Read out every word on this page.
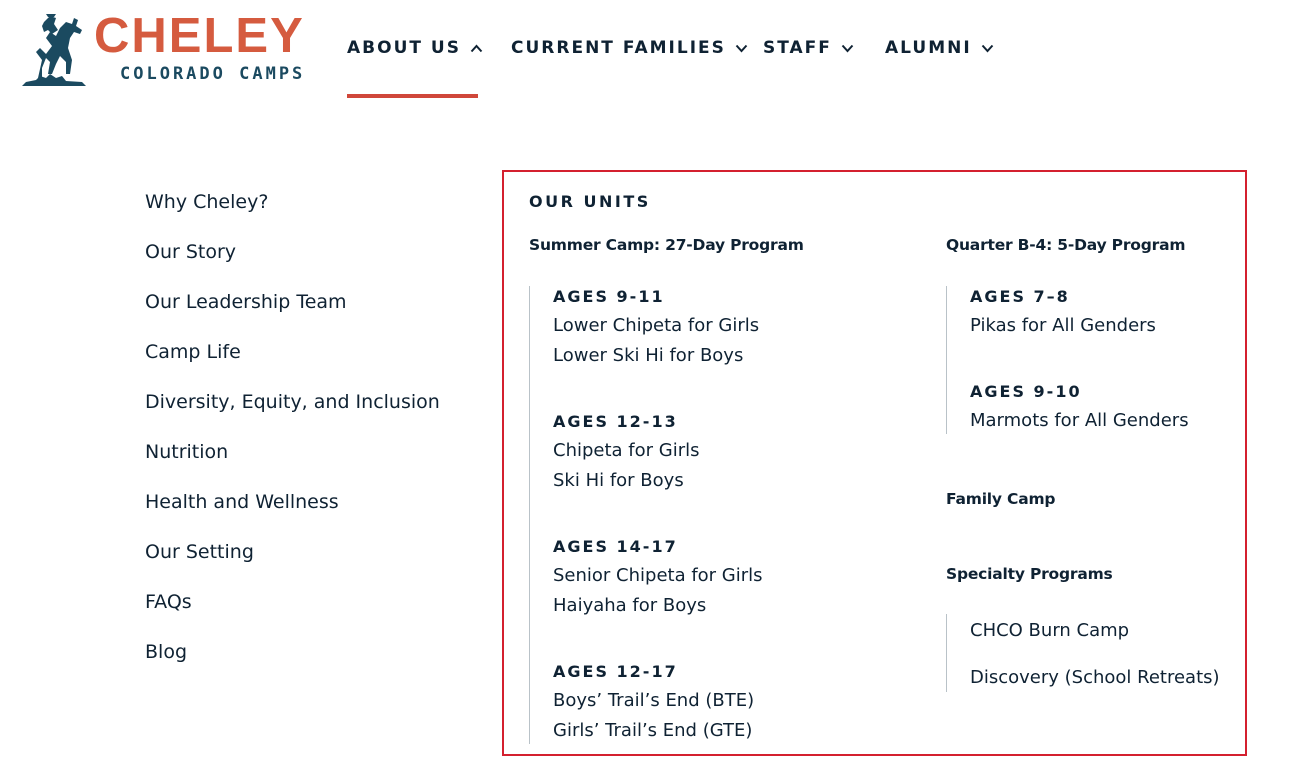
CHELEY
COLORADO CAMPS
ABOUT US	CURRENT FAMILIES STAFF	ALUMNI
Why Cheley?
Our Story
Our Leadership Team
Camp Life
Diversity, Equity, and Inclusion
Nutrition
Health and Wellness
Our Setting
FAQs
Blog
OUR UNITS
Summer Camp: 27-Day Program
AGES 9-11
Lower Chipeta for Girls
Lower Ski Hi for Boys
AGES 12-13
Chipeta for Girls
Ski Hi for Boys
AGES 14-17
Senior Chipeta for Girls
Haiyaha for Boys
AGES 12-17
Boys’ Trail’s End (BTE)
Girls’ Trail’s End (GTE)
Quarter B-4: 5-Day Program
AGES 7–8
Pikas for All Genders
AGES 9-10
Marmots for All Genders
Family Camp
Specialty Programs
CHCO Burn Camp
Discovery (School Retreats)
